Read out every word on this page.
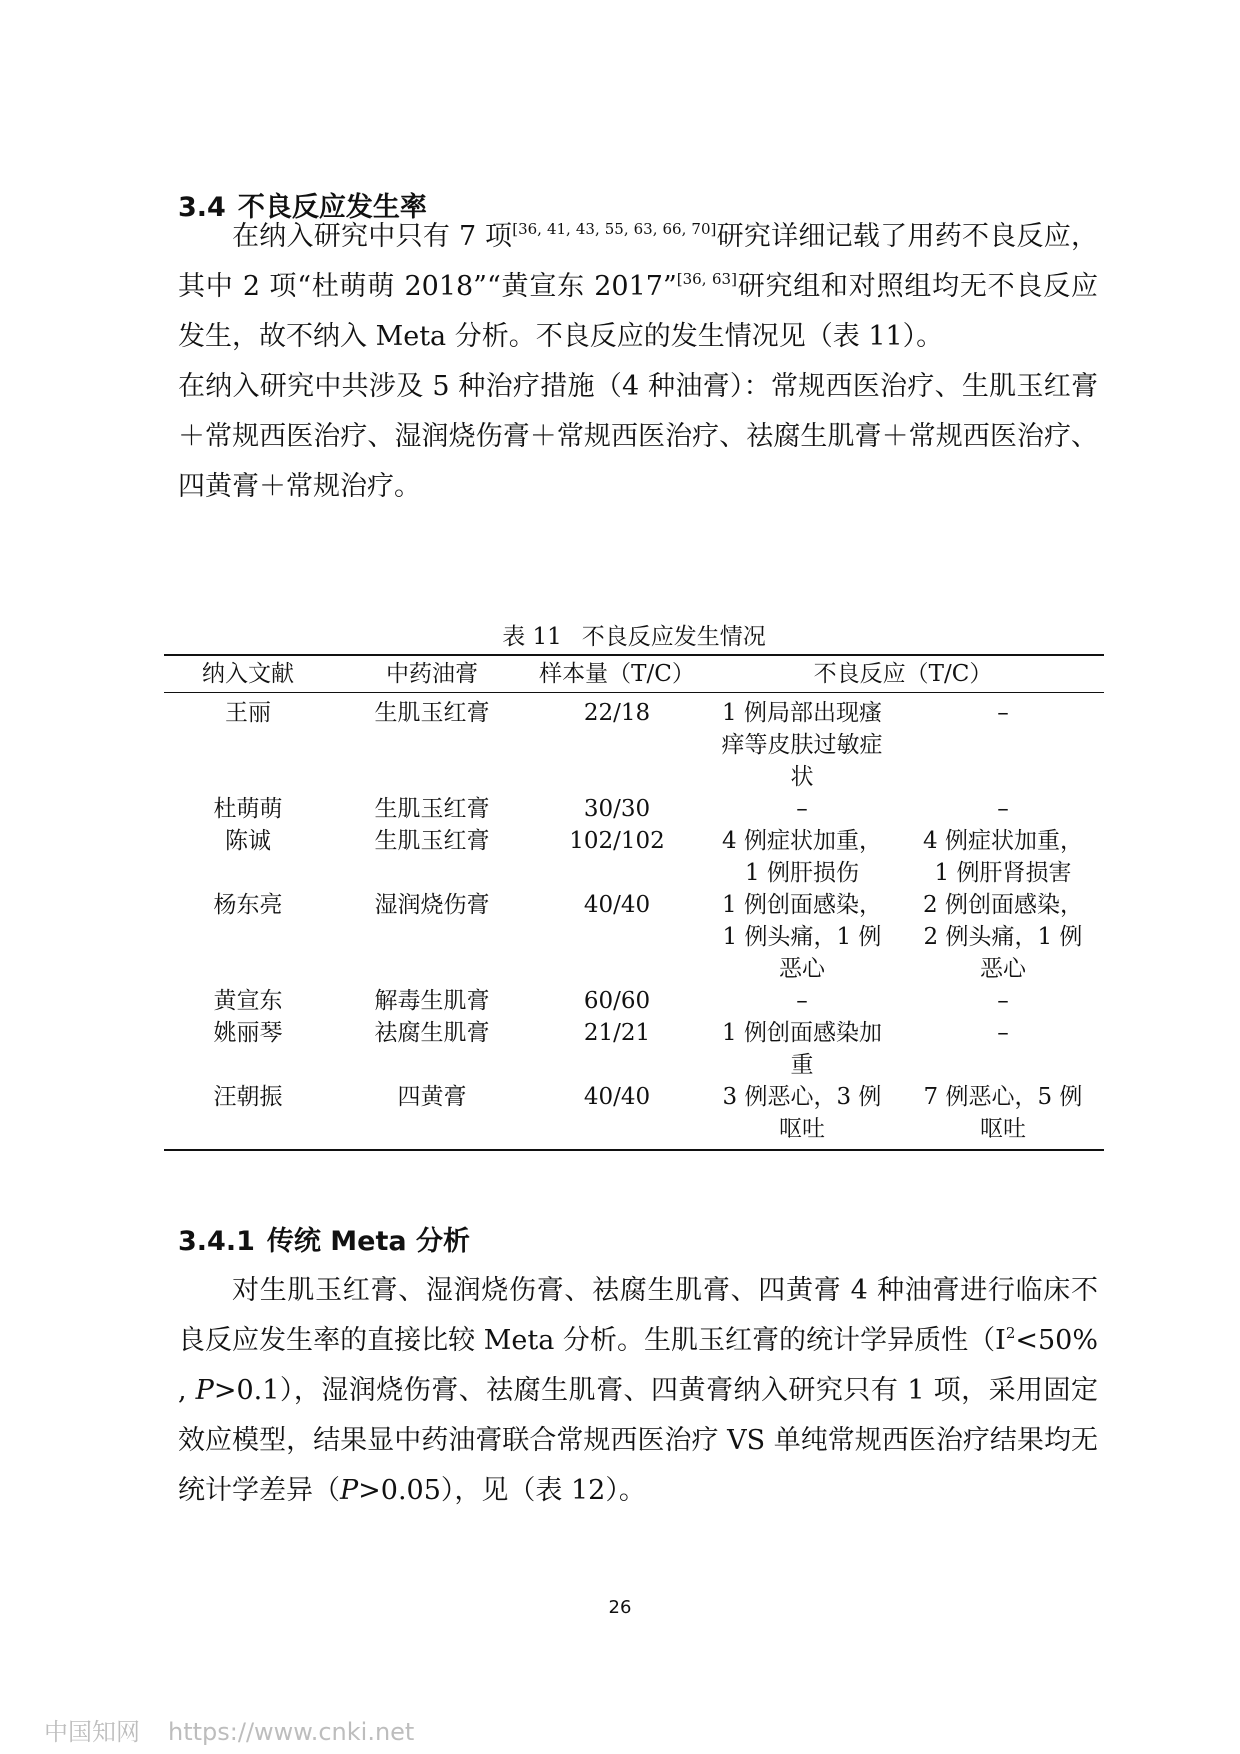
3.4 不良反应发生率

在纳入研究中只有 7 项[36, 41, 43, 55, 63, 66, 70]研究详细记载了用药不良反应，其中 2 项“杜萌萌 2018”“黄宣东 2017”[36, 63]研究组和对照组均无不良反应发生，故不纳入 Meta 分析。不良反应的发生情况见（表 11）。

在纳入研究中共涉及 5 种治疗措施（4 种油膏）：常规西医治疗、生肌玉红膏＋常规西医治疗、湿润烧伤膏＋常规西医治疗、祛腐生肌膏＋常规西医治疗、四黄膏＋常规治疗。

表 11 不良反应发生情况
纳入文献	中药油膏	样本量（T/C）	不良反应（T/C）	
王丽	生肌玉红膏	22/18	1 例局部出现瘙痒等皮肤过敏症状	–
杜萌萌	生肌玉红膏	30/30	–	–
陈诚	生肌玉红膏	102/102	4 例症状加重，1 例肝损伤	4 例症状加重，1 例肝肾损害
杨东亮	湿润烧伤膏	40/40	1 例创面感染，1 例头痛，1 例恶心	2 例创面感染，2 例头痛，1 例恶心
黄宣东	解毒生肌膏	60/60	–	–
姚丽琴	祛腐生肌膏	21/21	1 例创面感染加重	–
汪朝振	四黄膏	40/40	3 例恶心，3 例呕吐	7 例恶心，5 例呕吐
3.4.1 传统 Meta 分析

对生肌玉红膏、湿润烧伤膏、祛腐生肌膏、四黄膏 4 种油膏进行临床不良反应发生率的直接比较 Meta 分析。生肌玉红膏的统计学异质性（$I^2<50\%$ , P>0.1），湿润烧伤膏、祛腐生肌膏、四黄膏纳入研究只有 1 项，采用固定效应模型，结果显中药油膏联合常规西医治疗 VS 单纯常规西医治疗结果均无统计学差异（P>0.05），见（表 12）。

26
中国知网 https://www.cnki.net
